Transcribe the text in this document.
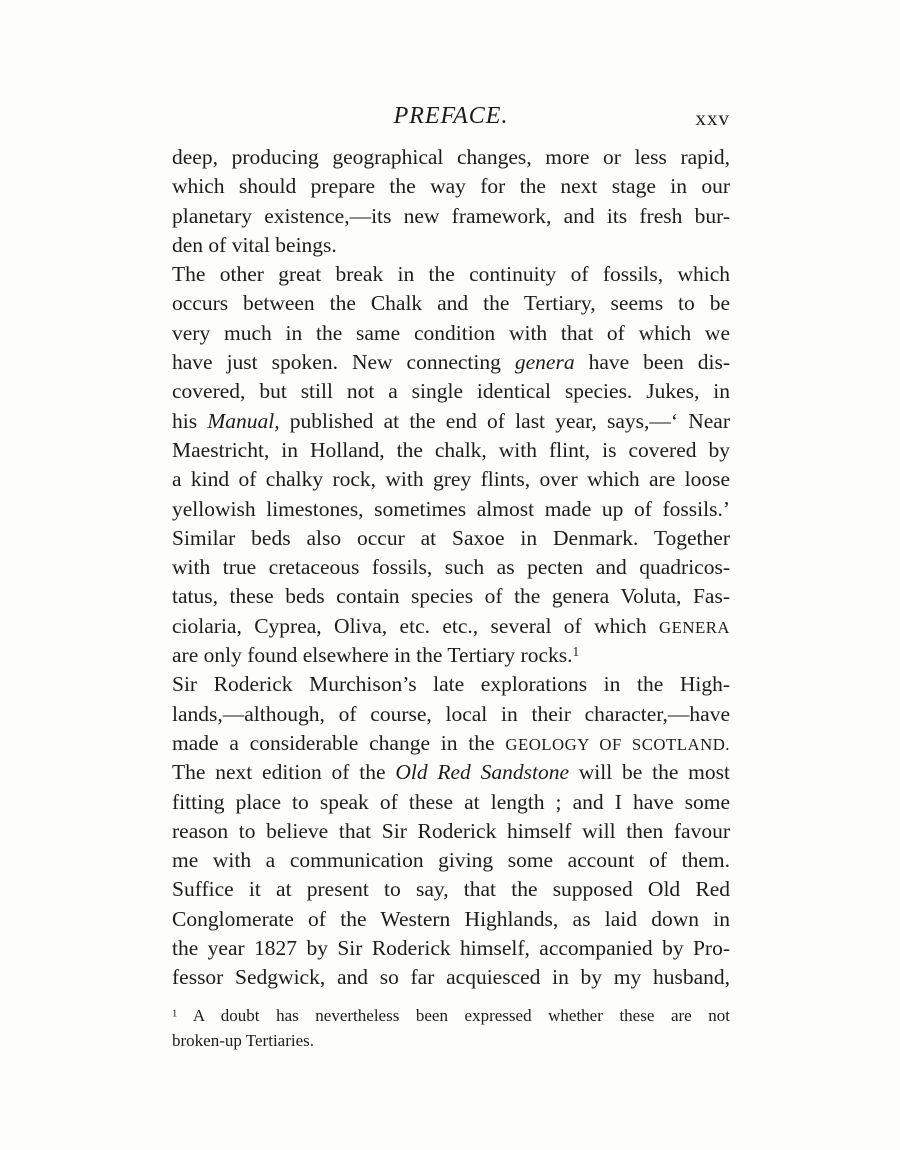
PREFACE.	xxv
deep, producing geographical changes, more or less rapid,
which should prepare the way for the next stage in our
planetary existence,—its new framework, and its fresh bur-
den of vital beings.
The other great break in the continuity of fossils, which
occurs between the Chalk and the Tertiary, seems to be
very much in the same condition with that of which we
have just spoken. New connecting genera have been dis-
covered, but still not a single identical species. Jukes, in
his Manual, published at the end of last year, says,—‘ Near
Maestricht, in Holland, the chalk, with flint, is covered by
a kind of chalky rock, with grey flints, over which are loose
yellowish limestones, sometimes almost made up of fossils.’
Similar beds also occur at Saxoe in Denmark. Together
with true cretaceous fossils, such as pecten and quadricos-
tatus, these beds contain species of the genera Voluta, Fas-
ciolaria, Cyprea, Oliva, etc. etc., several of which GENERA
are only found elsewhere in the Tertiary rocks.$^1$
Sir Roderick Murchison’s late explorations in the High-
lands,—although, of course, local in their character,—have
made a considerable change in the GEOLOGY OF SCOTLAND.
The next edition of the Old Red Sandstone will be the most
fitting place to speak of these at length ; and I have some
reason to believe that Sir Roderick himself will then favour
me with a communication giving some account of them.
Suffice it at present to say, that the supposed Old Red
Conglomerate of the Western Highlands, as laid down in
the year 1827 by Sir Roderick himself, accompanied by Pro-
fessor Sedgwick, and so far acquiesced in by my husband,
$^1$ A doubt has nevertheless been expressed whether these are not
broken-up Tertiaries.
